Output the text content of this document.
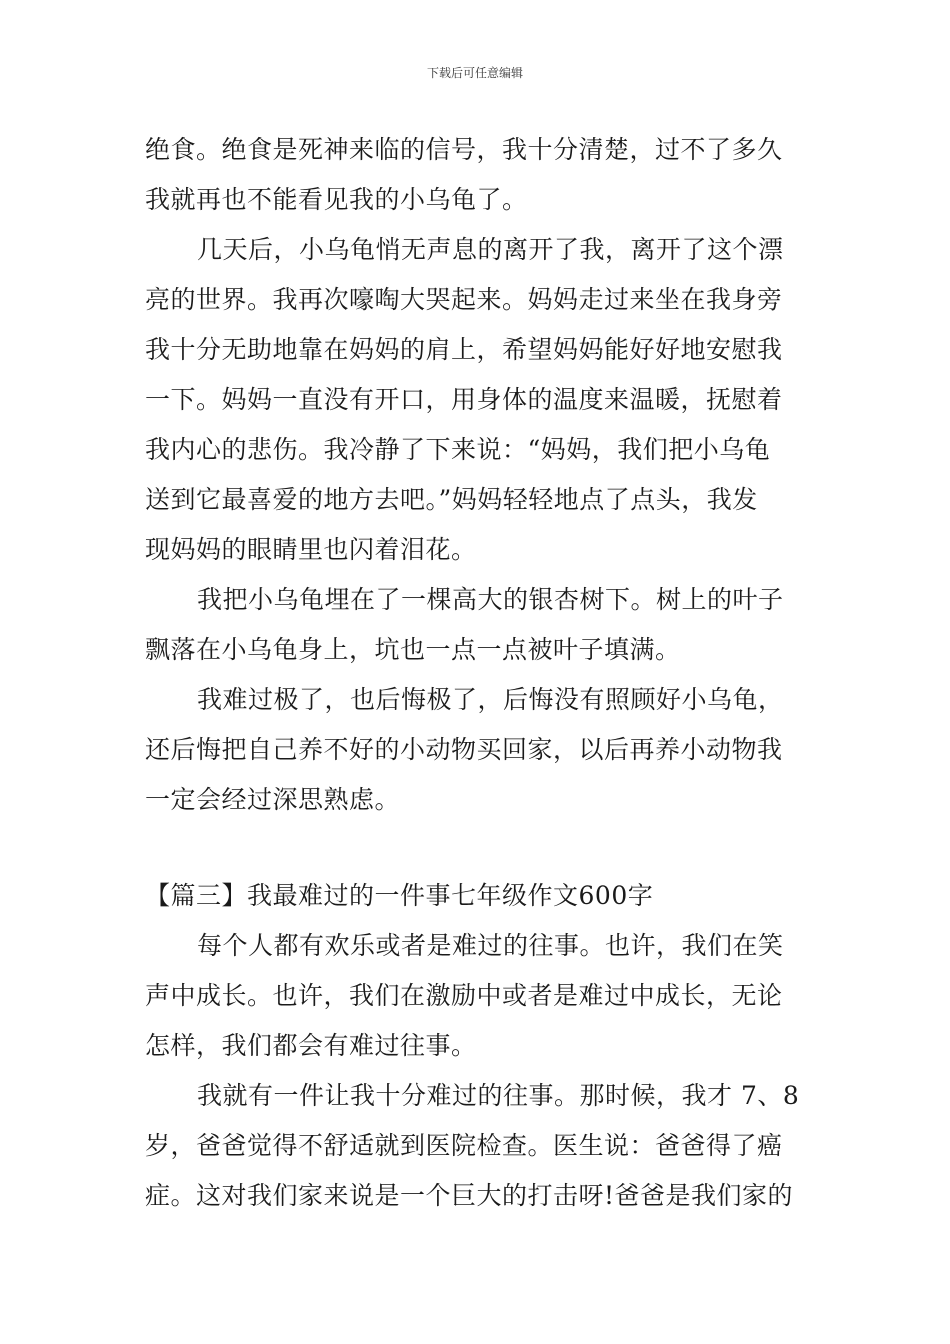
下载后可任意编辑
绝食。绝食是死神来临的信号，我十分清楚，过不了多久
我就再也不能看见我的小乌龟了。
几天后，小乌龟悄无声息的离开了我，离开了这个漂
亮的世界。我再次嚎啕大哭起来。妈妈走过来坐在我身旁
我十分无助地靠在妈妈的肩上，希望妈妈能好好地安慰我
一下。妈妈一直没有开口，用身体的温度来温暖，抚慰着
我内心的悲伤。我冷静了下来说：“妈妈，我们把小乌龟
送到它最喜爱的地方去吧。”妈妈轻轻地点了点头，我发
现妈妈的眼睛里也闪着泪花。
我把小乌龟埋在了一棵高大的银杏树下。树上的叶子
飘落在小乌龟身上，坑也一点一点被叶子填满。
我难过极了，也后悔极了，后悔没有照顾好小乌龟，
还后悔把自己养不好的小动物买回家，以后再养小动物我
一定会经过深思熟虑。
【篇三】我最难过的一件事七年级作文600字
每个人都有欢乐或者是难过的往事。也许，我们在笑
声中成长。也许，我们在激励中或者是难过中成长，无论
怎样，我们都会有难过往事。
我就有一件让我十分难过的往事。那时候，我才 7、8
岁，爸爸觉得不舒适就到医院检查。医生说：爸爸得了癌
症。这对我们家来说是一个巨大的打击呀!爸爸是我们家的
